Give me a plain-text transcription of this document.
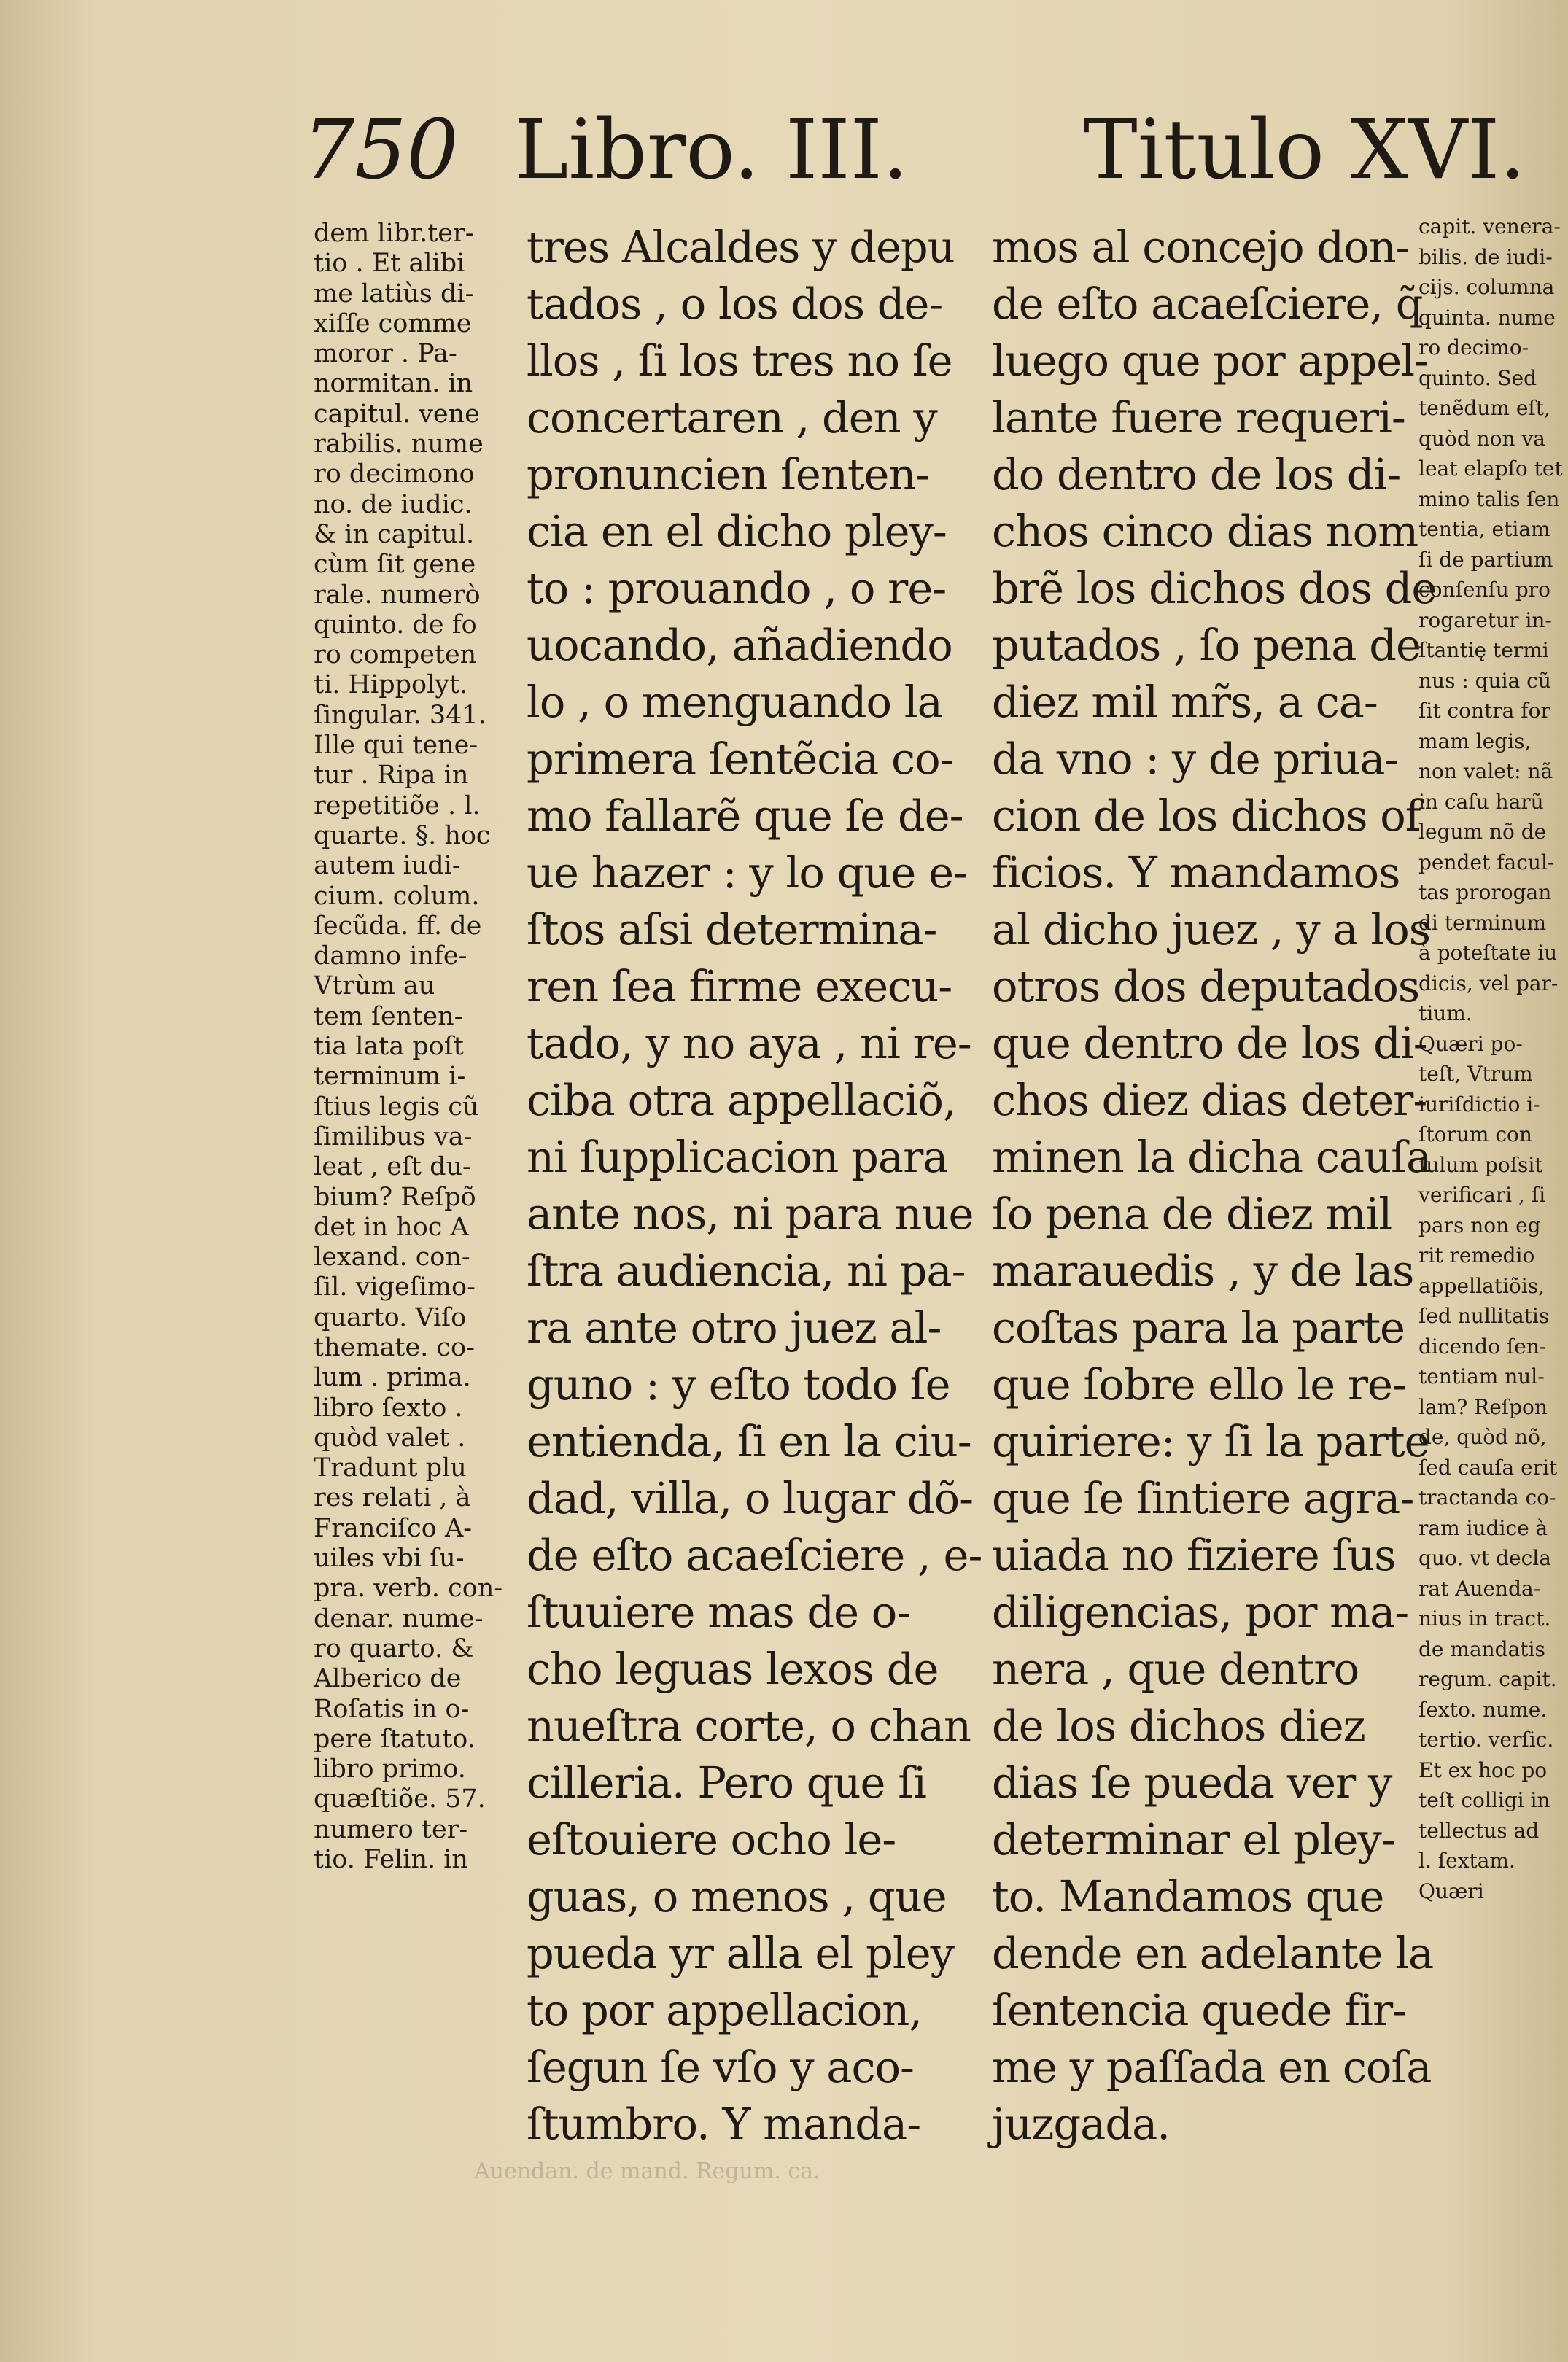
750 Libro. III. Titulo XVI.
dem libr.ter-
tio . Et alibi
me latiùs di-
xiſſe comme
moror . Pa-
normitan. in
capitul. vene
rabilis. nume
ro decimono
no. de iudic.
& in capitul.
cùm ſit gene
rale. numerò
quinto. de fo
ro competen
ti. Hippolyt.
ſingular. 341.
Ille qui tene-
tur . Ripa in
repetitiõe . l.
quarte. §. hoc
autem iudi-
cium. colum.
ſecũda. ff. de
damno infe-
Vtrùm au
tem ſenten-
tia lata poſt
terminum i-
ſtius legis cũ
ſimilibus va-
leat , eſt du-
bium? Reſpõ
det in hoc A
lexand. con-
ſil. vigeſimo-
quarto. Viſo
themate. co-
lum . prima.
libro ſexto .
quòd valet .
Tradunt plu
res relati , à
Franciſco A-
uiles vbi ſu-
pra. verb. con-
denar. nume-
ro quarto. &
Alberico de
Roſatis in o-
pere ſtatuto.
libro primo.
quæſtiõe. 57.
numero ter-
tio. Felin. in
tres Alcaldes y depu
tados , o los dos de-
llos , ſi los tres no ſe
concertaren , den y
pronuncien ſenten-
cia en el dicho pley-
to : prouando , o re-
uocando, añadiendo
lo , o menguando la
primera ſentẽcia co-
mo fallarẽ que ſe de-
ue hazer : y lo que e-
ſtos aſsi determina-
ren ſea firme execu-
tado, y no aya , ni re-
ciba otra appellaciõ,
ni ſupplicacion para
ante nos, ni para nue
ſtra audiencia, ni pa-
ra ante otro juez al-
guno : y eſto todo ſe
entienda, ſi en la ciu-
dad, villa, o lugar dõ-
de eſto acaeſciere , e-
ſtuuiere mas de o-
cho leguas lexos de
nueſtra corte, o chan
cilleria. Pero que ſi
eſtouiere ocho le-
guas, o menos , que
pueda yr alla el pley
to por appellacion,
ſegun ſe vſo y aco-
ſtumbro. Y manda-
mos al concejo don-
de eſto acaeſciere, q̃
luego que por appel-
lante fuere requeri-
do dentro de los di-
chos cinco dias nom
brẽ los dichos dos de
putados , ſo pena de
diez mil mr̃s, a ca-
da vno : y de priua-
cion de los dichos of
ficios. Y mandamos
al dicho juez , y a los
otros dos deputados
que dentro de los di-
chos diez dias deter-
minen la dicha cauſa
ſo pena de diez mil
marauedis , y de las
coſtas para la parte
que ſobre ello le re-
quiriere: y ſi la parte
que ſe ſintiere agra-
uiada no fiziere ſus
diligencias, por ma-
nera , que dentro
de los dichos diez
dias ſe pueda ver y
determinar el pley-
to. Mandamos que
dende en adelante la
ſentencia quede fir-
me y paſſada en coſa
juzgada.
capit. venera-
bilis. de iudi-
cijs. columna
quinta. nume
ro decimo-
quinto. Sed
tenẽdum eſt,
quòd non va
leat elapſo tet
mino talis ſen
tentia, etiam
ſi de partium
conſenſu pro
rogaretur in-
ſtantię termi
nus : quia cũ
ſit contra for
mam legis,
non valet: nã
in caſu harũ
legum nõ de
pendet facul-
tas prorogan
di terminum
à poteſtate iu
dicis, vel par-
tium.
Quæri po-
teſt, Vtrum
iuriſdictio i-
ſtorum con
ſulum poſsit
verificari , ſi
pars non eg
rit remedio
appellatiõis,
ſed nullitatis
dicendo ſen-
tentiam nul-
lam? Reſpon
de, quòd nõ,
ſed cauſa erit
tractanda co-
ram iudice à
quo. vt decla
rat Auenda-
nius in tract.
de mandatis
regum. capit.
ſexto. nume.
tertio. verſic.
Et ex hoc po
teſt colligi in
tellectus ad
l. ſextam.
Quæri
Auendan. de mand. Regum. ca.
